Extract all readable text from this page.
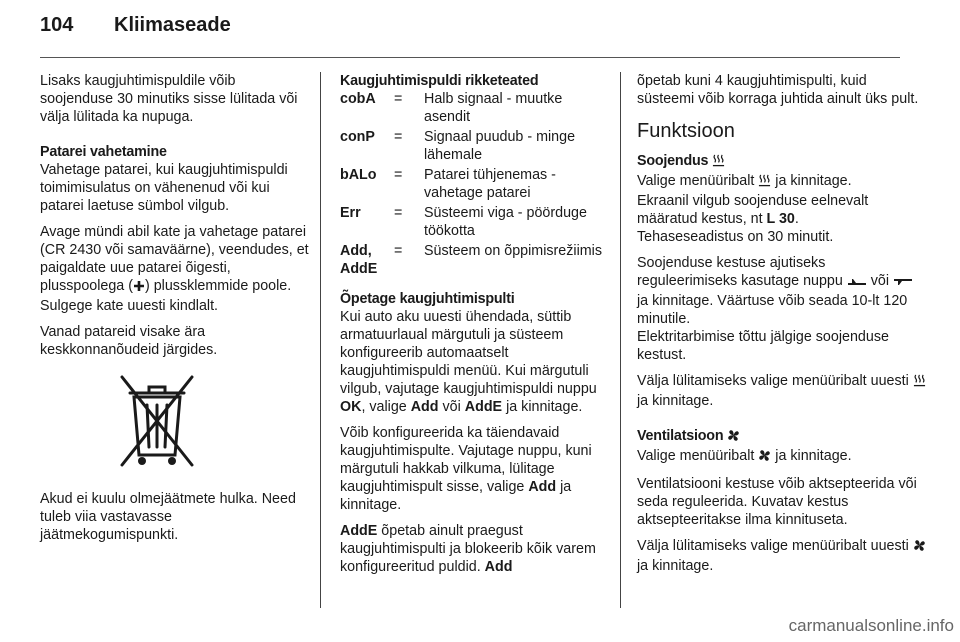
104 Kliimaseade

Lisaks kaugjuhtimispuldile võib soojenduse 30 minutiks sisse lülitada või välja lülitada ka nupuga.

Patarei vahetamine

Vahetage patarei, kui kaugjuhtimispuldi toimimisulatus on vähenenud või kui patarei laetuse sümbol vilgub.

Avage mündi abil kate ja vahetage patarei (CR 2430 või samaväärne), veendudes, et paigaldate uue patarei õigesti, plusspoolega ( ) plussklemmide poole. Sulgege kate uuesti kindlalt.

Vanad patareid visake ära keskkonnanõudeid järgides.

Akud ei kuulu olmejäätmete hulka. Need tuleb viia vastavasse jäätmekogumispunkti.

Kaugjuhtimispuldi rikketeated
cobA	=	Halb signaal - muutke asendit
conP	=	Signaal puudub - minge lähemale
bALo	=	Patarei tühjenemas - vahetage patarei
Err	=	Süsteemi viga - pöörduge töökotta
Add, AddE	=	Süsteem on õppimisrežiimis
Õpetage kaugjuhtimispulti

Kui auto aku uuesti ühendada, süttib armatuurlaual märgutuli ja süsteem konfigureerib automaatselt kaugjuhtimispuldi menüü. Kui märgutuli vilgub, vajutage kaugjuhtimispuldi nuppu OK, valige Add või AddE ja kinnitage.

Võib konfigureerida ka täiendavaid kaugjuhtimispulte. Vajutage nuppu, kuni märgutuli hakkab vilkuma, lülitage kaugjuhtimispult sisse, valige Add ja kinnitage.

AddE õpetab ainult praegust kaugjuhtimispulti ja blokeerib kõik varem konfigureeritud puldid. Add

õpetab kuni 4 kaugjuhtimispulti, kuid süsteemi võib korraga juhtida ainult üks pult.

Funktsioon
Soojendus

Valige menüüribalt  ja kinnitage.
Ekraanil vilgub soojenduse eelnevalt määratud kestus, nt L 30.
Tehaseseadistus on 30 minutit.

Soojenduse kestuse ajutiseks reguleerimiseks kasutage nuppu  või  ja kinnitage. Väärtuse võib seada 10-lt 120 minutile.
Elektritarbimise tõttu jälgige soojenduse kestust.

Välja lülitamiseks valige menüüribalt uuesti  ja kinnitage.

Ventilatsioon

Valige menüüribalt  ja kinnitage.

Ventilatsiooni kestuse võib aktsepteerida või seda reguleerida. Kuvatav kestus aktsepteeritakse ilma kinnituseta.

Välja lülitamiseks valige menüüribalt uuesti  ja kinnitage.

carmanualsonline.info
